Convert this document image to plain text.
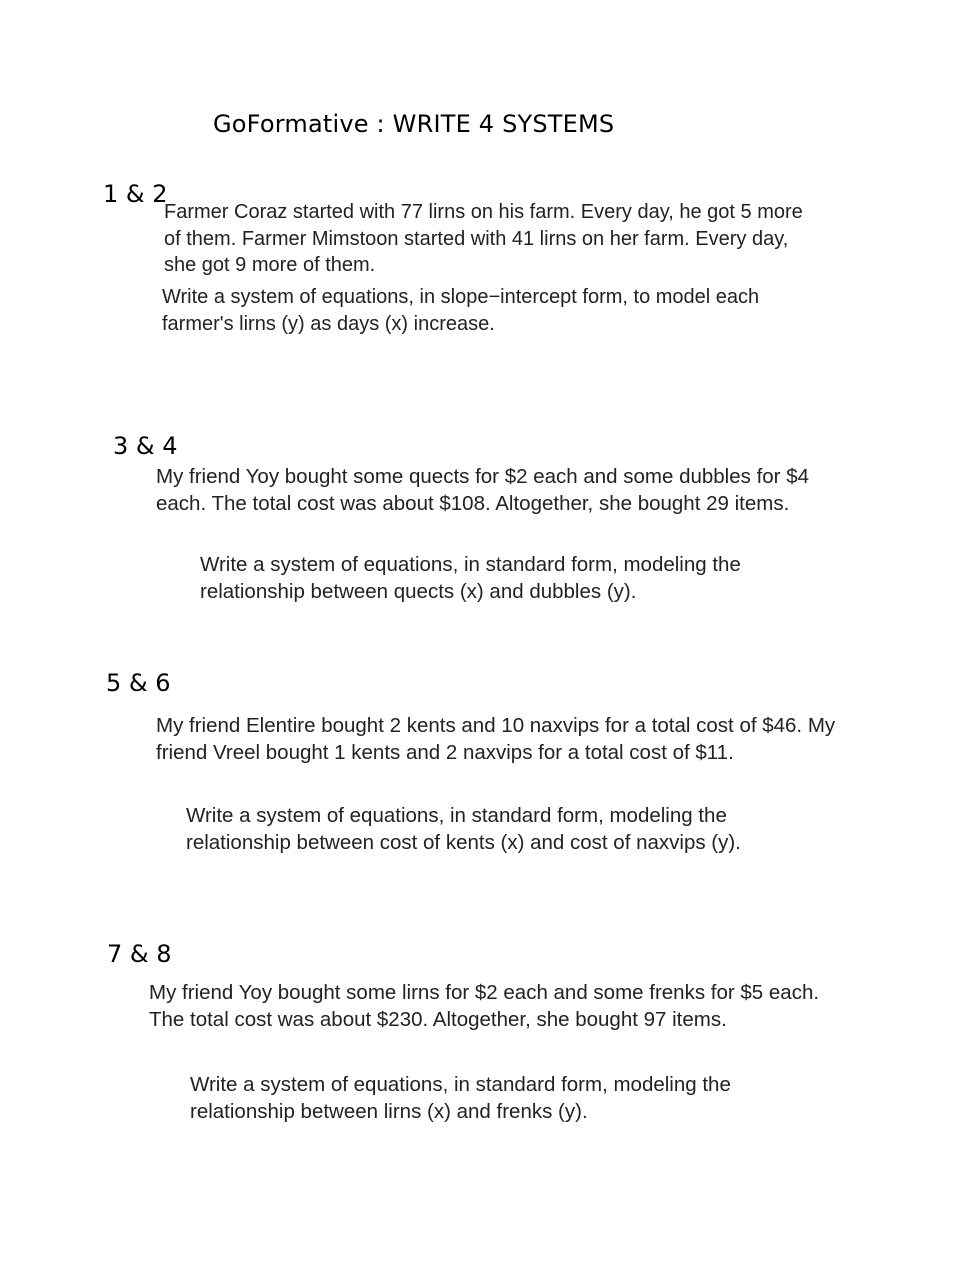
GoFormative : WRITE 4 SYSTEMS
1 & 2

Farmer Coraz started with 77 lirns on his farm. Every day, he got 5 more of them. Farmer Mimstoon started with 41 lirns on her farm. Every day, she got 9 more of them.

Write a system of equations, in slope−intercept form, to model each farmer's lirns (y) as days (x) increase.

3 & 4

My friend Yoy bought some quects for $2 each and some dubbles for $4 each. The total cost was about $108. Altogether, she bought 29 items.

Write a system of equations, in standard form, modeling the relationship between quects (x) and dubbles (y).

5 & 6

My friend Elentire bought 2 kents and 10 naxvips for a total cost of $46. My friend Vreel bought 1 kents and 2 naxvips for a total cost of $11.

Write a system of equations, in standard form, modeling the relationship between cost of kents (x) and cost of naxvips (y).

7 & 8

My friend Yoy bought some lirns for $2 each and some frenks for $5 each. The total cost was about $230. Altogether, she bought 97 items.

Write a system of equations, in standard form, modeling the relationship between lirns (x) and frenks (y).
